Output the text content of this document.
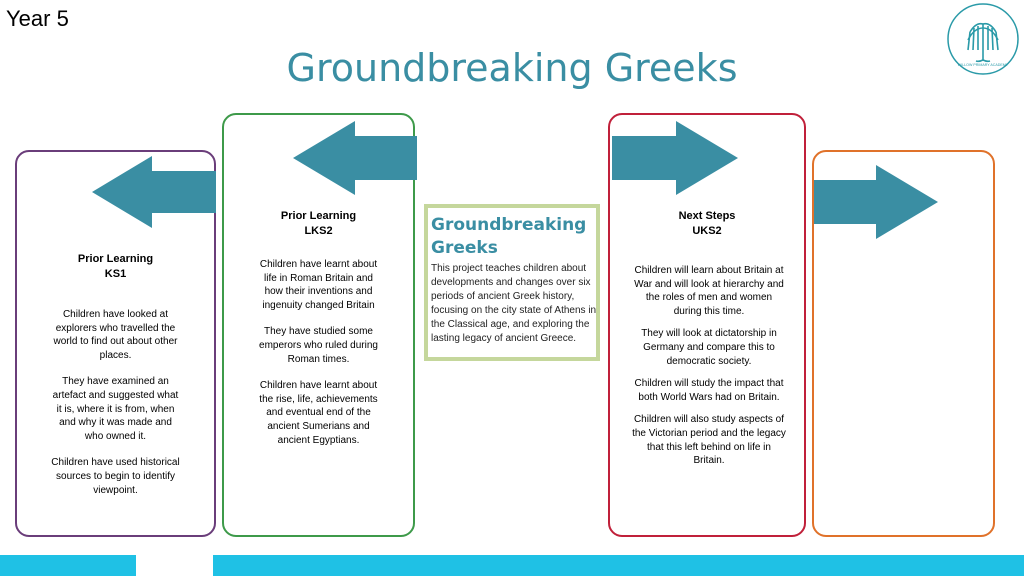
Year 5
Groundbreaking Greeks	WILLOW PRIMARY ACADEMY
Prior Learning
KS1

Children have looked at explorers who travelled the world to find out about other places.

They have examined an artefact and suggested what it is, where it is from, when and why it was made and who owned it.

Children have used historical sources to begin to identify viewpoint.

Prior Learning
LKS2

Children have learnt about life in Roman Britain and how their inventions and ingenuity changed Britain

They have studied some emperors who ruled during Roman times.

Children have learnt about the rise, life, achievements and eventual end of the ancient Sumerians and ancient Egyptians.

Groundbreaking
Greeks
This project teaches children about developments and changes over six periods of ancient Greek history, focusing on the city state of Athens in the Classical age, and exploring the lasting legacy of ancient Greece.
Next Steps
UKS2

Children will learn about Britain at War and will look at hierarchy and the roles of men and women during this time.

They will look at dictatorship in Germany and compare this to democratic society.

Children will study the impact that both World Wars had on Britain.

Children will also study aspects of the Victorian period and the legacy that this left behind on life in Britain.
